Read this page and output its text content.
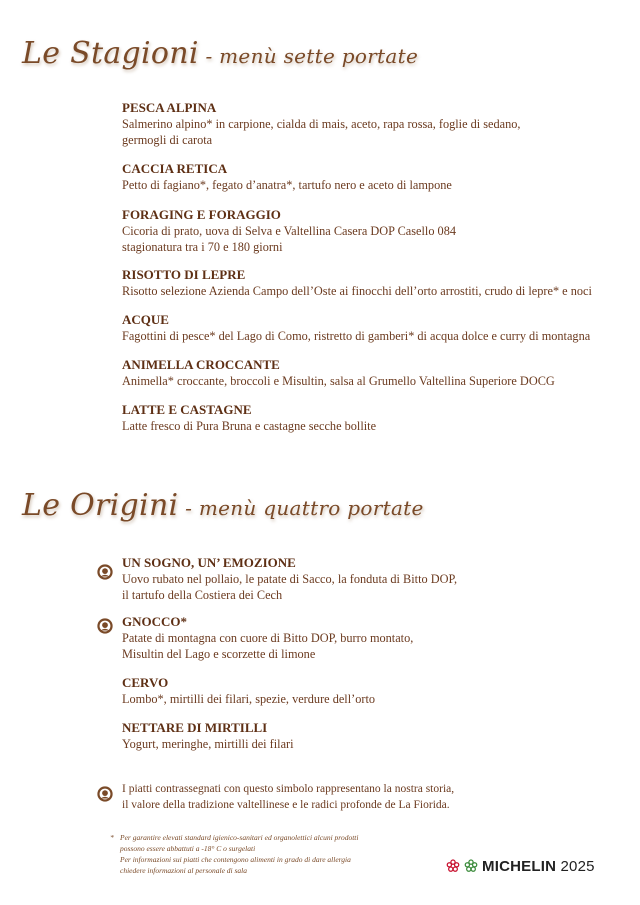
Le Stagioni - menù sette portate
PESCA ALPINA
Salmerino alpino* in carpione, cialda di mais, aceto, rapa rossa, foglie di sedano,
germogli di carota
CACCIA RETICA
Petto di fagiano*, fegato d’anatra*, tartufo nero e aceto di lampone
FORAGING E FORAGGIO
Cicoria di prato, uova di Selva e Valtellina Casera DOP Casello 084
stagionatura tra i 70 e 180 giorni
RISOTTO DI LEPRE
Risotto selezione Azienda Campo dell’Oste ai finocchi dell’orto arrostiti, crudo di lepre* e noci
ACQUE
Fagottini di pesce* del Lago di Como, ristretto di gamberi* di acqua dolce e curry di montagna
ANIMELLA CROCCANTE
Animella* croccante, broccoli e Misultin, salsa al Grumello Valtellina Superiore DOCG
LATTE E CASTAGNE
Latte fresco di Pura Bruna e castagne secche bollite
Le Origini - menù quattro portate
UN SOGNO, UN’ EMOZIONE
Uovo rubato nel pollaio, le patate di Sacco, la fonduta di Bitto DOP,
il tartufo della Costiera dei Cech
GNOCCO*
Patate di montagna con cuore di Bitto DOP, burro montato,
Misultin del Lago e scorzette di limone
CERVO
Lombo*, mirtilli dei filari, spezie, verdure dell’orto
NETTARE DI MIRTILLI
Yogurt, meringhe, mirtilli dei filari
I piatti contrassegnati con questo simbolo rappresentano la nostra storia,
il valore della tradizione valtellinese e le radici profonde de La Fiorida.
* Per garantire elevati standard igienico-sanitari ed organolettici alcuni prodotti
possono essere abbattuti a -18° C o surgelati
Per informazioni sui piatti che contengono alimenti in grado di dare allergia
chiedere informazioni al personale di sala	MICHELIN 2025
